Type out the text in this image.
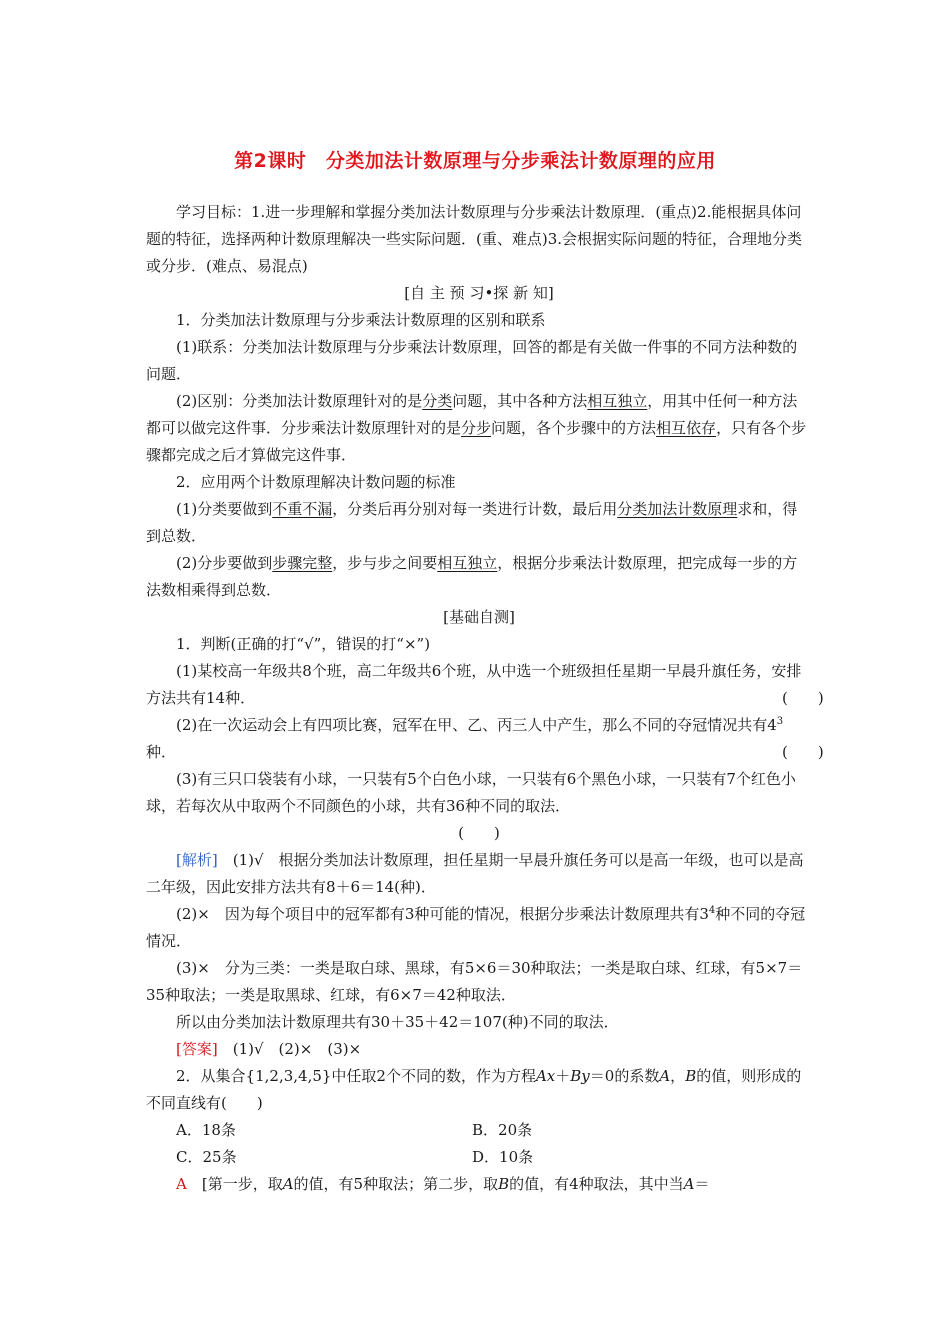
第2课时　分类加法计数原理与分步乘法计数原理的应用

学习目标：1.进一步理解和掌握分类加法计数原理与分步乘法计数原理．(重点)2.能根据具体问题的特征，选择两种计数原理解决一些实际问题．(重、难点)3.会根据实际问题的特征，合理地分类或分步．(难点、易混点)

[自 主 预 习•探 新 知]

1．分类加法计数原理与分步乘法计数原理的区别和联系

(1)联系：分类加法计数原理与分步乘法计数原理，回答的都是有关做一件事的不同方法种数的问题．

(2)区别：分类加法计数原理针对的是分类问题，其中各种方法相互独立，用其中任何一种方法都可以做完这件事．分步乘法计数原理针对的是分步问题，各个步骤中的方法相互依存，只有各个步骤都完成之后才算做完这件事．

2．应用两个计数原理解决计数问题的标准

(1)分类要做到不重不漏，分类后再分别对每一类进行计数，最后用分类加法计数原理求和，得到总数．

(2)分步要做到步骤完整，步与步之间要相互独立，根据分步乘法计数原理，把完成每一步的方法数相乘得到总数．

[基础自测]

1．判断(正确的打“√”，错误的打“×”)

(1)某校高一年级共8个班，高二年级共6个班，从中选一个班级担任星期一早晨升旗任务，安排方法共有14种．	(　　)

(2)在一次运动会上有四项比赛，冠军在甲、乙、丙三人中产生，那么不同的夺冠情况共有$4^3$种．	(　　)

(3)有三只口袋装有小球，一只装有5个白色小球，一只装有6个黑色小球，一只装有7个红色小球，若每次从中取两个不同颜色的小球，共有36种不同的取法．

(　　)

[解析]　(1)√　根据分类加法计数原理，担任星期一早晨升旗任务可以是高一年级，也可以是高二年级，因此安排方法共有8＋6＝14(种)．

(2)×　因为每个项目中的冠军都有3种可能的情况，根据分步乘法计数原理共有$3^4$种不同的夺冠情况．

(3)×　分为三类：一类是取白球、黑球，有5×6＝30种取法；一类是取白球、红球，有5×7＝35种取法；一类是取黑球、红球，有6×7＝42种取法．

所以由分类加法计数原理共有30＋35＋42＝107(种)不同的取法．

[答案]　(1)√　(2)×　(3)×

2．从集合{1,2,3,4,5}中任取2个不同的数，作为方程Ax＋By＝0的系数A，B的值，则形成的不同直线有(　　)

A．18条	B．20条
C．25条	D．10条

A　[第一步，取A的值，有5种取法；第二步，取B的值，有4种取法，其中当A＝
